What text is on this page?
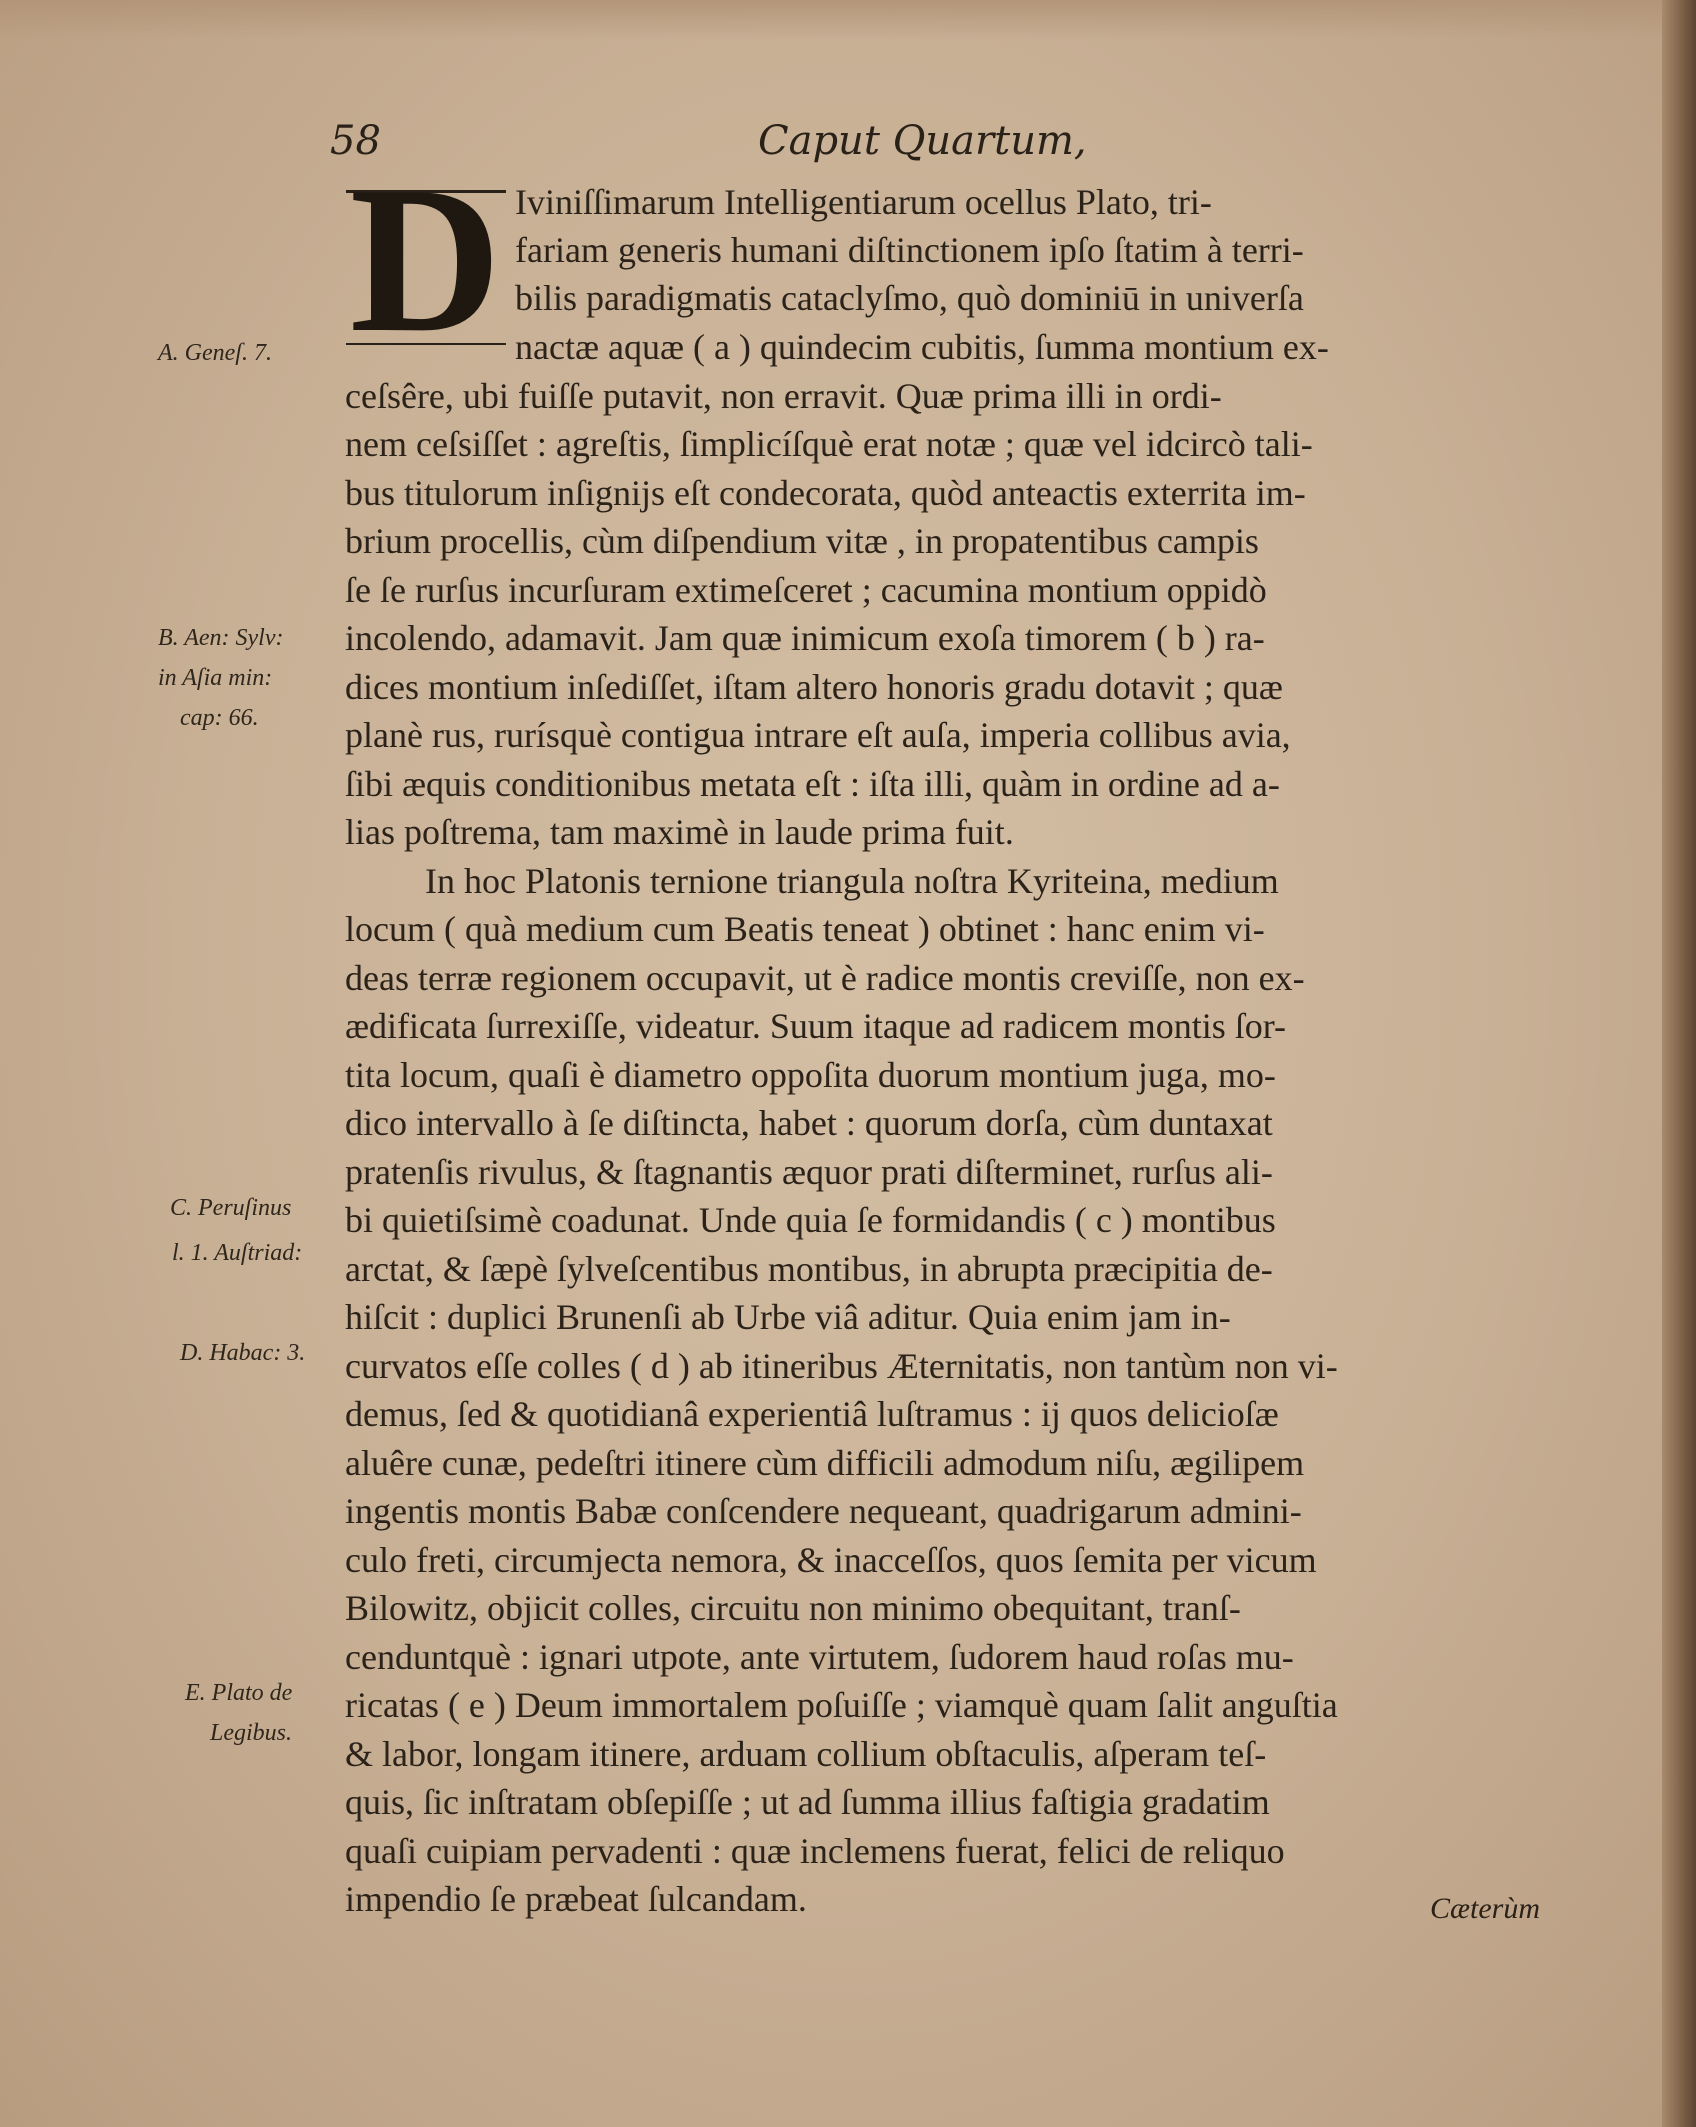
58	Caput Quartum,
D Iviniſſimarum Intelligentiarum ocellus Plato, tri-
fariam generis humani diſtinctionem ipſo ſtatim à terri-
bilis paradigmatis cataclyſmo, quò dominiū in univerſa
nactæ aquæ ( a ) quindecim cubitis, ſumma montium ex-
ceſsêre, ubi fuiſſe putavit, non erravit. Quæ prima illi in ordi-
nem ceſsiſſet : agreſtis, ſimplicíſquè erat notæ ; quæ vel idcircò tali-
bus titulorum inſignijs eſt condecorata, quòd anteactis exterrita im-
brium procellis, cùm diſpendium vitæ , in propatentibus campis
ſe ſe rurſus incurſuram extimeſceret ; cacumina montium oppidò
incolendo, adamavit. Jam quæ inimicum exoſa timorem ( b ) ra-
dices montium inſediſſet, iſtam altero honoris gradu dotavit ; quæ
planè rus, rurísquè contigua intrare eſt auſa, imperia collibus avia,
ſibi æquis conditionibus metata eſt : iſta illi, quàm in ordine ad a-
lias poſtrema, tam maximè in laude prima fuit.
In hoc Platonis ternione triangula noſtra Kyriteina, medium
locum ( quà medium cum Beatis teneat ) obtinet : hanc enim vi-
deas terræ regionem occupavit, ut è radice montis creviſſe, non ex-
ædificata ſurrexiſſe, videatur. Suum itaque ad radicem montis ſor-
tita locum, quaſi è diametro oppoſita duorum montium juga, mo-
dico intervallo à ſe diſtincta, habet : quorum dorſa, cùm duntaxat
pratenſis rivulus, & ſtagnantis æquor prati diſterminet, rurſus ali-
bi quietiſsimè coadunat. Unde quia ſe formidandis ( c ) montibus
arctat, & ſæpè ſylveſcentibus montibus, in abrupta præcipitia de-
hiſcit : duplici Brunenſi ab Urbe viâ aditur. Quia enim jam in-
curvatos eſſe colles ( d ) ab itineribus Æternitatis, non tantùm non vi-
demus, ſed & quotidianâ experientiâ luſtramus : ij quos delicioſæ
aluêre cunæ, pedeſtri itinere cùm difficili admodum niſu, ægilipem
ingentis montis Babæ conſcendere nequeant, quadrigarum admini-
culo freti, circumjecta nemora, & inacceſſos, quos ſemita per vicum
Bilowitz, objicit colles, circuitu non minimo obequitant, tranſ-
cenduntquè : ignari utpote, ante virtutem, ſudorem haud roſas mu-
ricatas ( e ) Deum immortalem poſuiſſe ; viamquè quam ſalit anguſtia
& labor, longam itinere, arduam collium obſtaculis, aſperam teſ-
quis, ſic inſtratam obſepiſſe ; ut ad ſumma illius faſtigia gradatim
quaſi cuipiam pervadenti : quæ inclemens fuerat, felici de reliquo
impendio ſe præbeat ſulcandam.
A. Geneſ. 7.
B. Aen: Sylv:
in Aſia min:
cap: 66.
C. Peruſinus
l. 1. Auſtriad:
D. Habac: 3.
E. Plato de
Legibus.
Cæterùm
